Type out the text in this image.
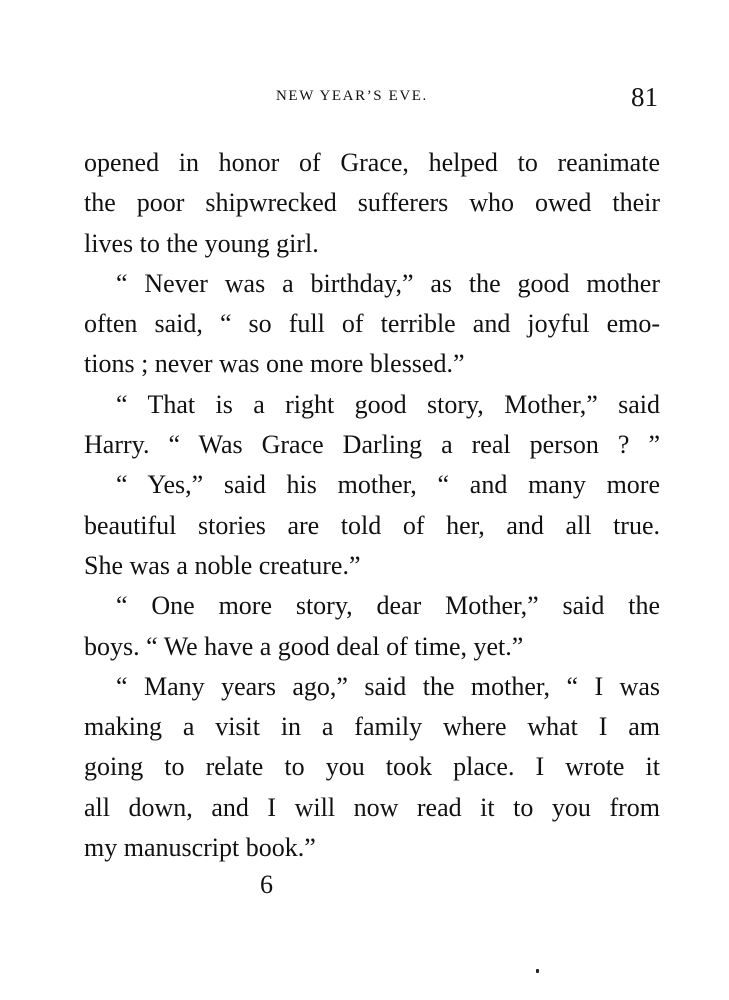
NEW YEAR’S EVE.	81
opened in honor of Grace, helped to reanimate
the poor shipwrecked sufferers who owed their
lives to the young girl.
“ Never was a birthday,” as the good mother
often said, “ so full of terrible and joyful emo-
tions ; never was one more blessed.”
“ That is a right good story, Mother,” said
Harry. “ Was Grace Darling a real person ? ”
“ Yes,” said his mother, “ and many more
beautiful stories are told of her, and all true.
She was a noble creature.”
“ One more story, dear Mother,” said the
boys. “ We have a good deal of time, yet.”
“ Many years ago,” said the mother, “ I was
making a visit in a family where what I am
going to relate to you took place. I wrote it
all down, and I will now read it to you from
my manuscript book.”
6
